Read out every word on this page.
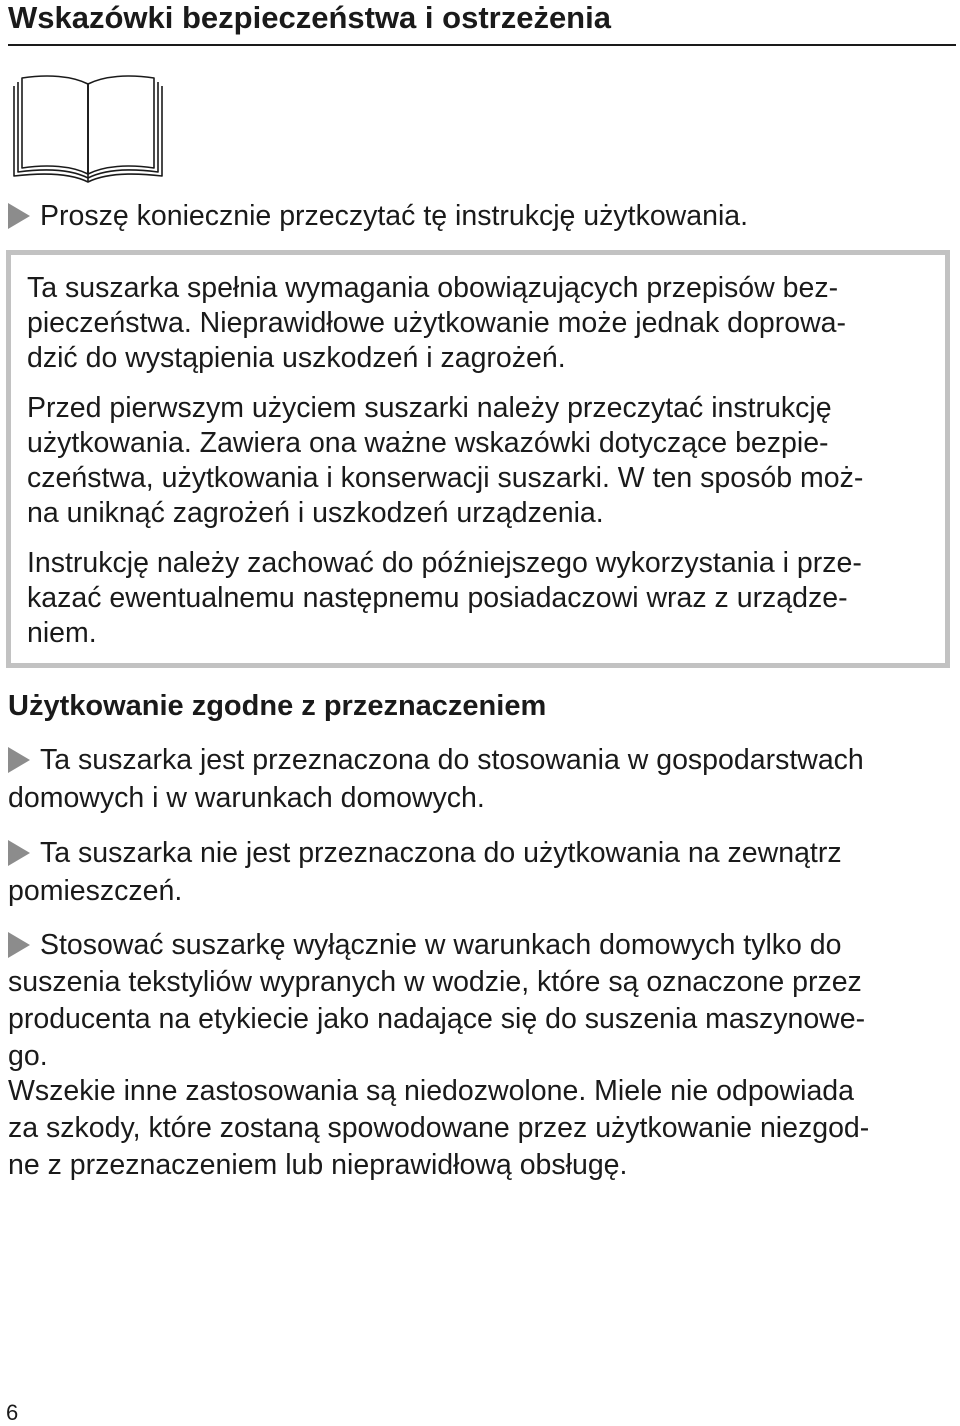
Wskazówki bezpieczeństwa i ostrzeżenia
Proszę koniecznie przeczytać tę instrukcję użytkowania.
Ta suszarka spełnia wymagania obowiązujących przepisów bez-
pieczeństwa. Nieprawidłowe użytkowanie może jednak doprowa-
dzić do wystąpienia uszkodzeń i zagrożeń.
Przed pierwszym użyciem suszarki należy przeczytać instrukcję
użytkowania. Zawiera ona ważne wskazówki dotyczące bezpie-
czeństwa, użytkowania i konserwacji suszarki. W ten sposób moż-
na uniknąć zagrożeń i uszkodzeń urządzenia.
Instrukcję należy zachować do późniejszego wykorzystania i prze-
kazać ewentualnemu następnemu posiadaczowi wraz z urządze-
niem.
Użytkowanie zgodne z przeznaczeniem
Ta suszarka jest przeznaczona do stosowania w gospodarstwach
domowych i w warunkach domowych.
Ta suszarka nie jest przeznaczona do użytkowania na zewnątrz
pomieszczeń.
Stosować suszarkę wyłącznie w warunkach domowych tylko do
suszenia tekstyliów wypranych w wodzie, które są oznaczone przez
producenta na etykiecie jako nadające się do suszenia maszynowe-
go.
Wszekie inne zastosowania są niedozwolone. Miele nie odpowiada
za szkody, które zostaną spowodowane przez użytkowanie niezgod-
ne z przeznaczeniem lub nieprawidłową obsługę.
6
